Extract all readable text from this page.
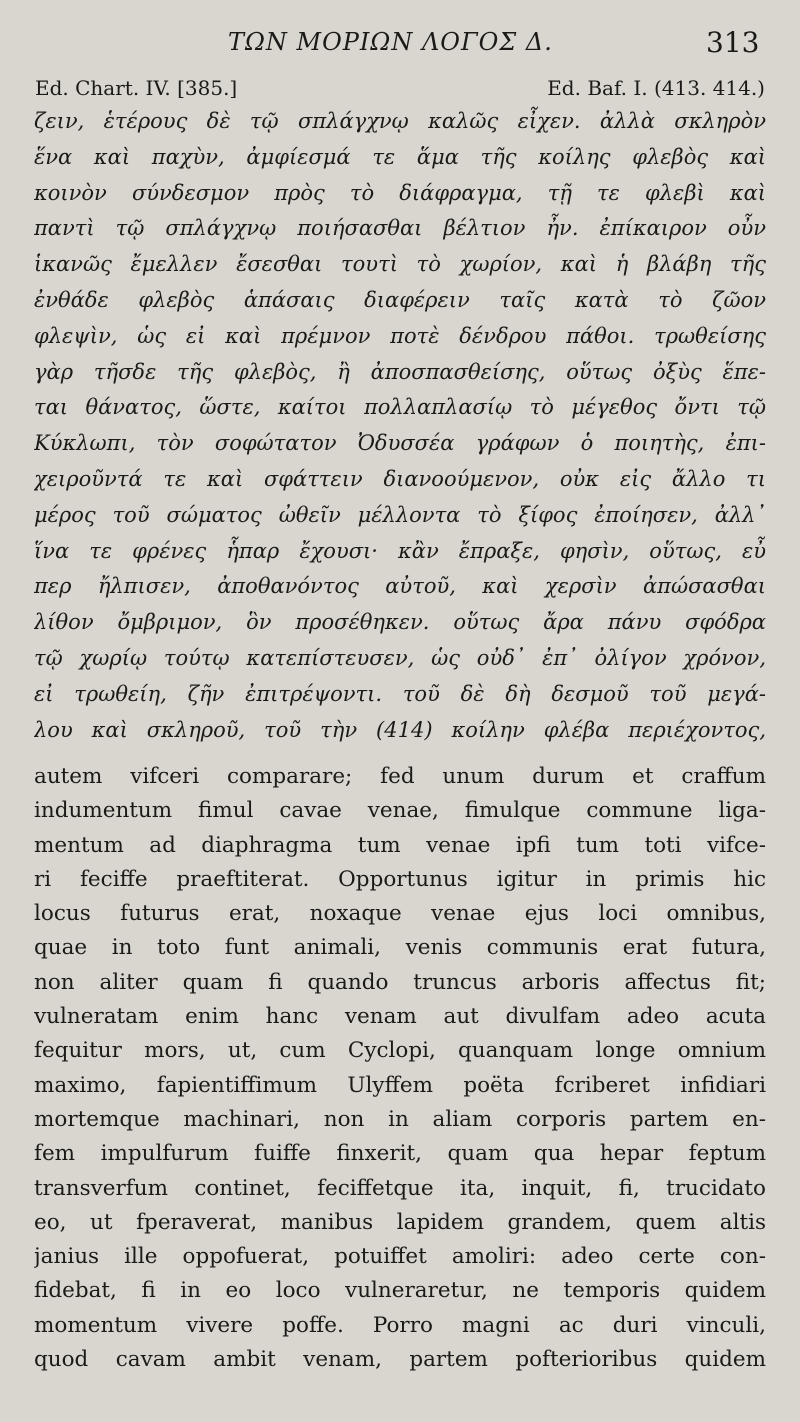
ΤΩΝ ΜΟΡΙΩΝ ΛΟΓΟΣ Δ.	313
Ed. Chart. IV. [385.]	Ed. Baf. I. (413. 414.)
ζειν, ἑτέρους δὲ τῷ σπλάγχνῳ καλῶς εἶχεν. ἀλλὰ σκληρὸν
ἕνα καὶ παχὺν, ἀμφίεσμά τε ἅμα τῆς κοίλης φλεβὸς καὶ
κοινὸν σύνδεσμον πρὸς τὸ διάφραγμα, τῇ τε φλεβὶ καὶ
παντὶ τῷ σπλάγχνῳ ποιήσασθαι βέλτιον ἦν. ἐπίκαιρον οὖν
ἱκανῶς ἔμελλεν ἔσεσθαι τουτὶ τὸ χωρίον, καὶ ἡ βλάβη τῆς
ἐνθάδε φλεβὸς ἁπάσαις διαφέρειν ταῖς κατὰ τὸ ζῶον
φλεψὶν, ὡς εἰ καὶ πρέμνον ποτὲ δένδρου πάθοι. τρωθείσης
γὰρ τῆσδε τῆς φλεβὸς, ἢ ἀποσπασθείσης, οὕτως ὀξὺς ἕπε-
ται θάνατος, ὥστε, καίτοι πολλαπλασίῳ τὸ μέγεθος ὄντι τῷ
Κύκλωπι, τὸν σοφώτατον Ὀδυσσέα γράφων ὁ ποιητὴς, ἐπι-
χειροῦντά τε καὶ σφάττειν διανοούμενον, οὐκ εἰς ἄλλο τι
μέρος τοῦ σώματος ὠθεῖν μέλλοντα τὸ ξίφος ἐποίησεν, ἀλλ᾽
ἵνα τε φρένες ἧπαρ ἔχουσι· κἂν ἔπραξε, φησὶν, οὕτως, εὖ
περ ἤλπισεν, ἀποθανόντος αὐτοῦ, καὶ χερσὶν ἀπώσασθαι
λίθον ὄμβριμον, ὃν προσέθηκεν. οὕτως ἄρα πάνυ σφόδρα
τῷ χωρίῳ τούτῳ κατεπίστευσεν, ὡς οὐδ᾽ ἐπ᾽ ὀλίγον χρόνον,
εἰ τρωθείη, ζῆν ἐπιτρέψοντι. τοῦ δὲ δὴ δεσμοῦ τοῦ μεγά-
λου καὶ σκληροῦ, τοῦ τὴν (414) κοίλην φλέβα περιέχοντος,
autem vifceri comparare; fed unum durum et craffum
indumentum fimul cavae venae, fimulque commune liga-
mentum ad diaphragma tum venae ipfi tum toti vifce-
ri feciffe praeftiterat. Opportunus igitur in primis hic
locus futurus erat, noxaque venae ejus loci omnibus,
quae in toto funt animali, venis communis erat futura,
non aliter quam fi quando truncus arboris affectus fit;
vulneratam enim hanc venam aut divulfam adeo acuta
fequitur mors, ut, cum Cyclopi, quanquam longe omnium
maximo, fapientiffimum Ulyffem poëta fcriberet infidiari
mortemque machinari, non in aliam corporis partem en-
fem impulfurum fuiffe finxerit, quam qua hepar feptum
transverfum continet, feciffetque ita, inquit, fi, trucidato
eo, ut fperaverat, manibus lapidem grandem, quem altis
janius ille oppofuerat, potuiffet amoliri: adeo certe con-
fidebat, fi in eo loco vulneraretur, ne temporis quidem
momentum vivere poffe. Porro magni ac duri vinculi,
quod cavam ambit venam, partem pofterioribus quidem
